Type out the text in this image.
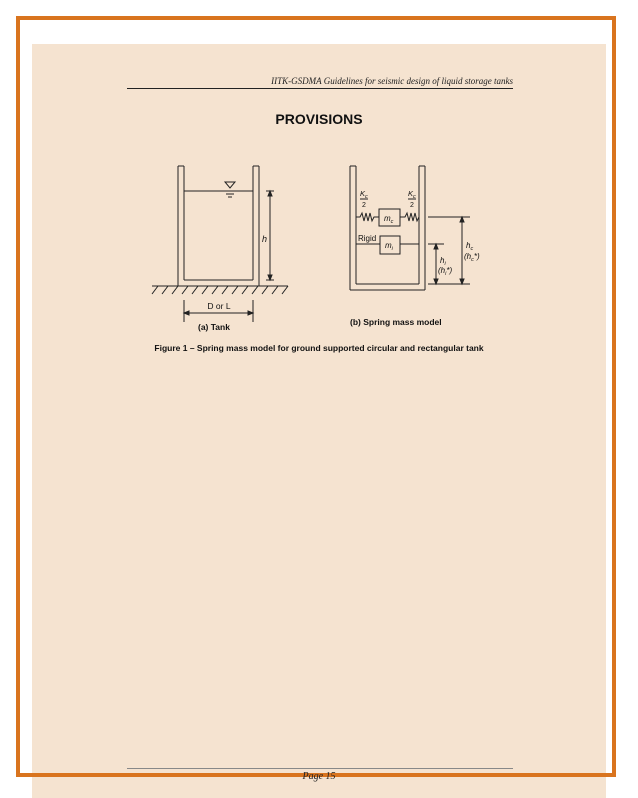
IITK-GSDMA Guidelines for seismic design of liquid storage tanks
PROVISIONS
h
D or L
$K_c$
2
$K_c$
2
$m_c$
Rigid
$m_i$	$h_c$
$(h_c*)$
$h_i$
$(h_i*)$
(a) Tank	(b) Spring mass model
Figure 1 – Spring mass model for ground supported circular and rectangular tank
Page 15
